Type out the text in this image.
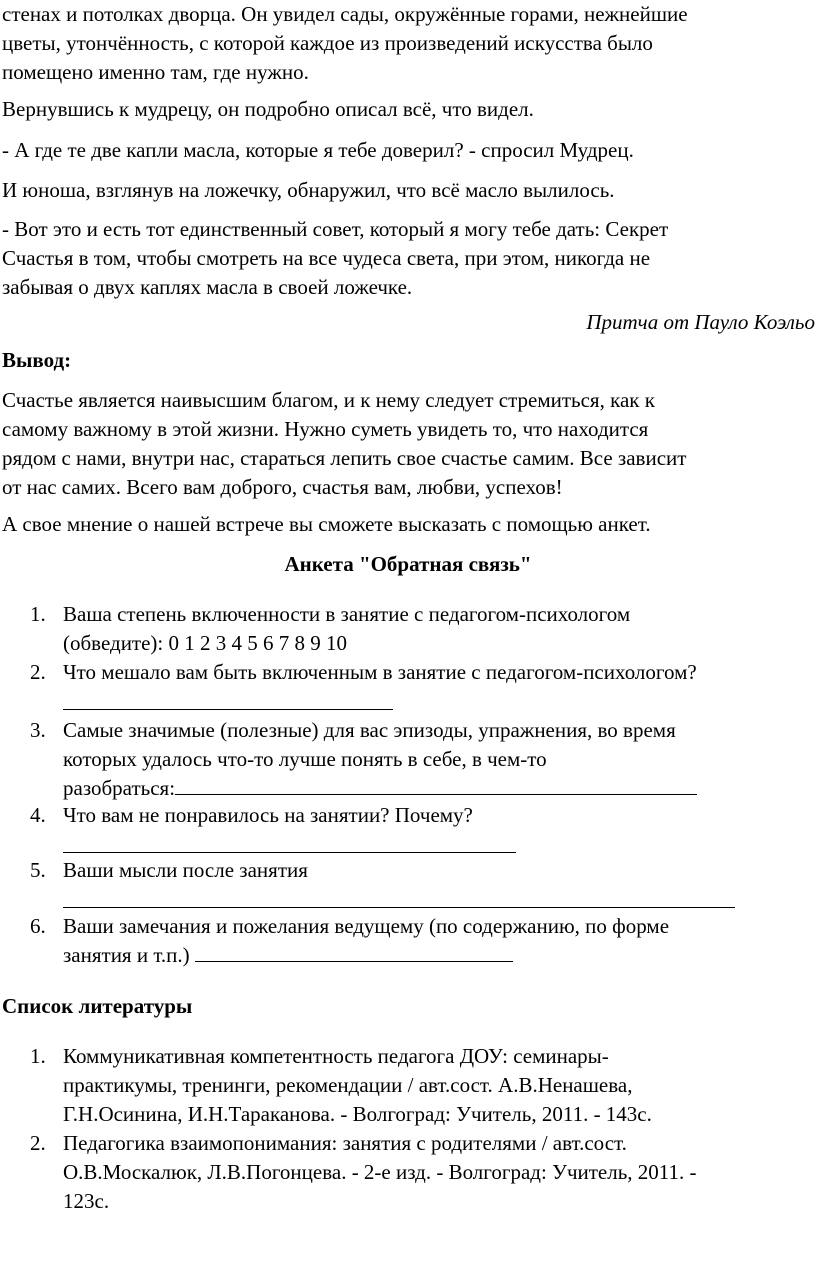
стенах и потолках дворца. Он увидел сады, окружённые горами, нежнейшие
цветы, утончённость, с которой каждое из произведений искусства было
помещено именно там, где нужно.
Вернувшись к мудрецу, он подробно описал всё, что видел.
- А где те две капли масла, которые я тебе доверил? - спросил Мудрец.
И юноша, взглянув на ложечку, обнаружил, что всё масло вылилось.
- Вот это и есть тот единственный совет, который я могу тебе дать: Секрет
Счастья в том, чтобы смотреть на все чудеса света, при этом, никогда не
забывая о двух каплях масла в своей ложечке.
Притча от Пауло Коэльо
Вывод:
Счастье является наивысшим благом, и к нему следует стремиться, как к
самому важному в этой жизни. Нужно суметь увидеть то, что находится
рядом с нами, внутри нас, стараться лепить свое счастье самим. Все зависит
от нас самих. Всего вам доброго, счастья вам, любви, успехов!
А свое мнение о нашей встрече вы сможете высказать с помощью анкет.
Анкета "Обратная связь"
1. Ваша степень включенности в занятие с педагогом-психологом
(обведите): 0 1 2 3 4 5 6 7 8 9 10
2. Что мешало вам быть включенным в занятие с педагогом-психологом?
3. Самые значимые (полезные) для вас эпизоды, упражнения, во время
которых удалось что-то лучше понять в себе, в чем-то
разобраться:
4. Что вам не понравилось на занятии? Почему?
5. Ваши мысли после занятия
6. Ваши замечания и пожелания ведущему (по содержанию, по форме
занятия и т.п.)
Список литературы
1. Коммуникативная компетентность педагога ДОУ: семинары-
практикумы, тренинги, рекомендации / авт.сост. А.В.Ненашева,
Г.Н.Осинина, И.Н.Тараканова. - Волгоград: Учитель, 2011. - 143с.
2. Педагогика взаимопонимания: занятия с родителями / авт.сост.
О.В.Москалюк, Л.В.Погонцева. - 2-е изд. - Волгоград: Учитель, 2011. -
123с.
